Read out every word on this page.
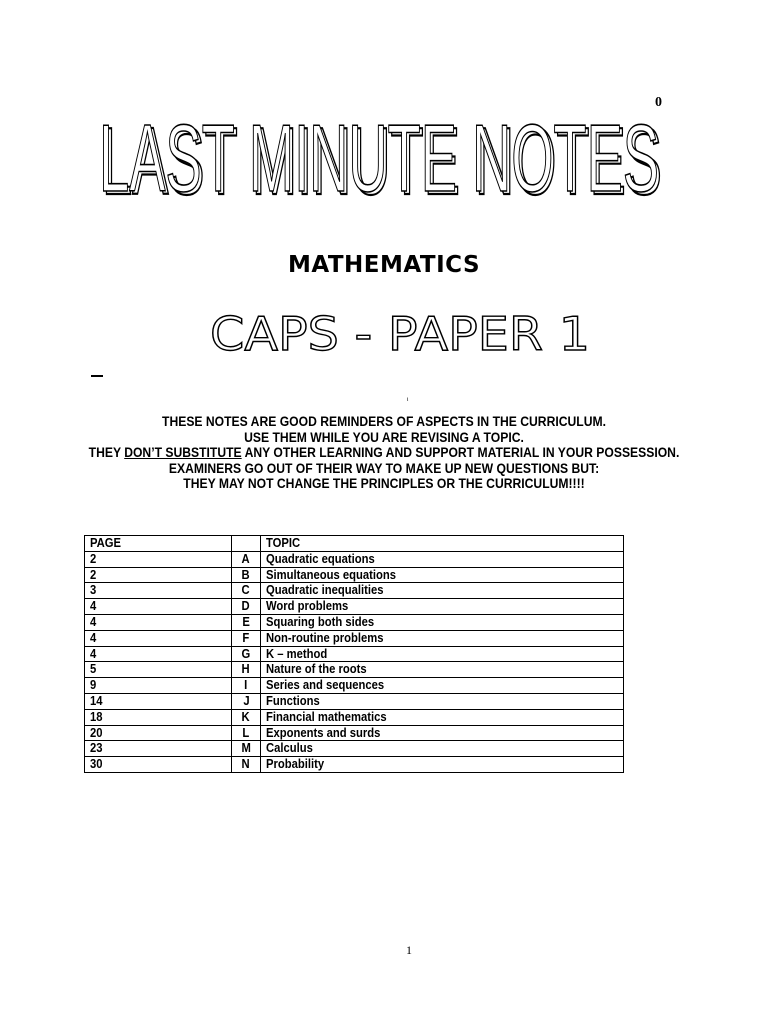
LAST MINUTE NOTES
LAST MINUTE NOTES
0
MATHEMATICS
CAPS - PAPER 1
ι
THESE NOTES ARE GOOD REMINDERS OF ASPECTS IN THE CURRICULUM.
USE THEM WHILE YOU ARE REVISING A TOPIC.
THEY DON’T SUBSTITUTE ANY OTHER LEARNING AND SUPPORT MATERIAL IN YOUR POSSESSION.
EXAMINERS GO OUT OF THEIR WAY TO MAKE UP NEW QUESTIONS BUT:
THEY MAY NOT CHANGE THE PRINCIPLES OR THE CURRICULUM!!!!
PAGE		TOPIC
2	A	Quadratic equations
2	B	Simultaneous equations
3	C	Quadratic inequalities
4	D	Word problems
4	E	Squaring both sides
4	F	Non-routine problems
4	G	K – method
5	H	Nature of the roots
9	I	Series and sequences
14	J	Functions
18	K	Financial mathematics
20	L	Exponents and surds
23	M	Calculus
30	N	Probability
1
